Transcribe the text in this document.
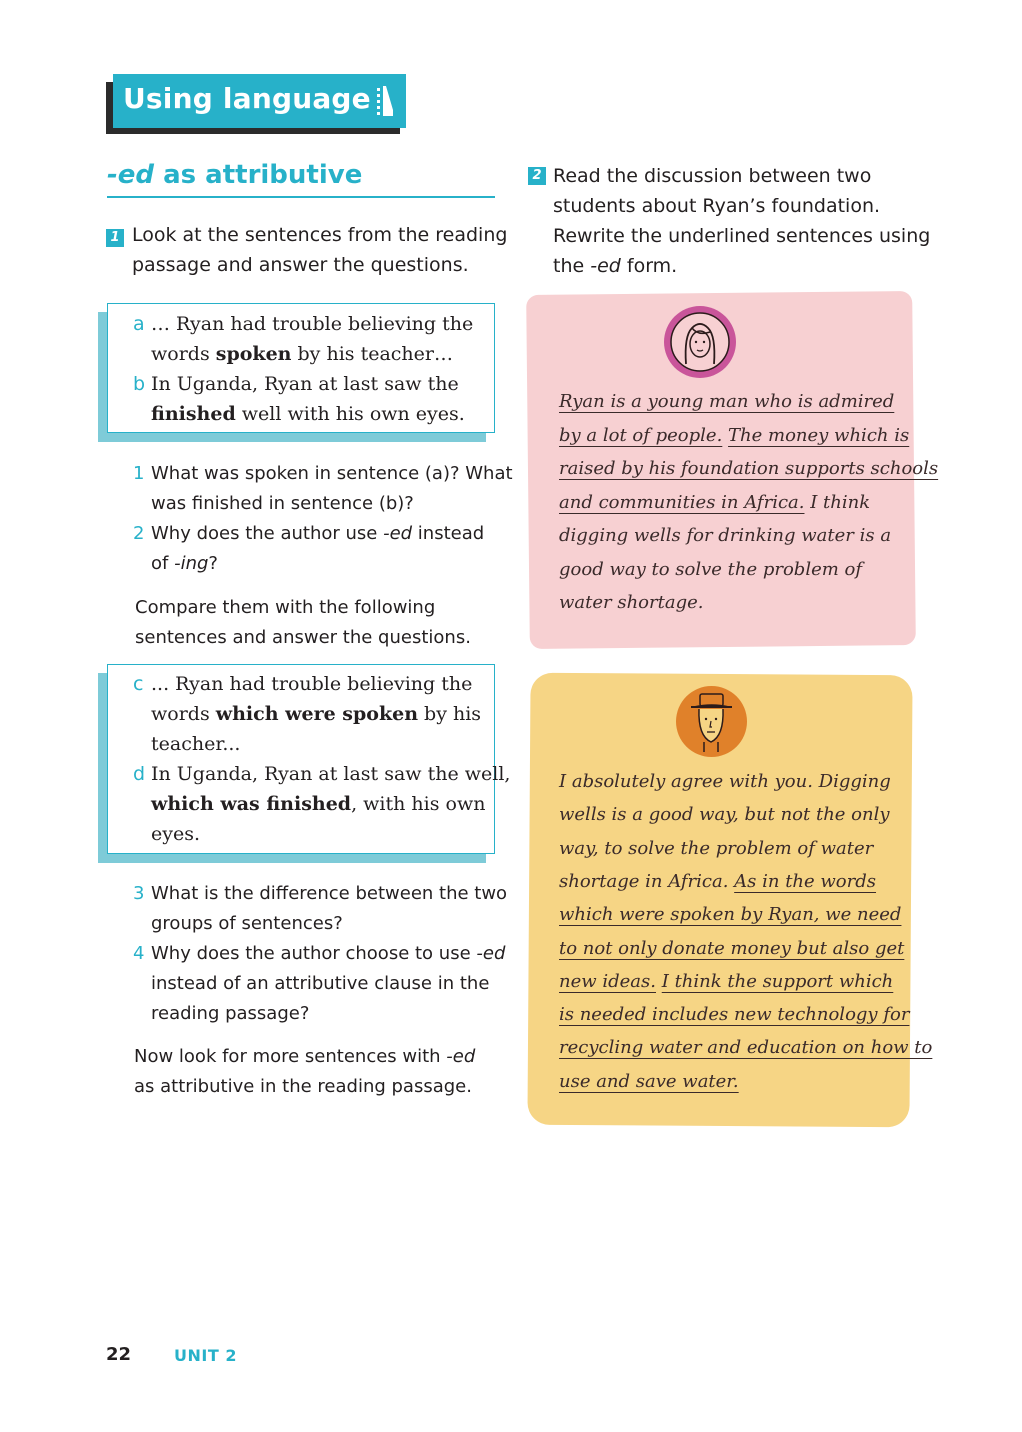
Using language
-ed as attributive
1 Look at the sentences from the reading
passage and answer the questions.
a … Ryan had trouble believing the
words spoken by his teacher…
b In Uganda, Ryan at last saw the
finished well with his own eyes.
1 What was spoken in sentence (a)? What
was finished in sentence (b)?
2 Why does the author use -ed instead
of -ing?
Compare them with the following
sentences and answer the questions.
c ... Ryan had trouble believing the
words which were spoken by his
teacher...
d In Uganda, Ryan at last saw the well,
which was finished, with his own
eyes.
3 What is the difference between the two
groups of sentences?
4 Why does the author choose to use -ed
instead of an attributive clause in the
reading passage?
Now look for more sentences with -ed
as attributive in the reading passage.
2 Read the discussion between two
students about Ryan’s foundation.
Rewrite the underlined sentences using
the -ed form.
Ryan is a young man who is admired
by a lot of people. The money which is
raised by his foundation supports schools
and communities in Africa. I think
digging wells for drinking water is a
good way to solve the problem of
water shortage.
I absolutely agree with you. Digging
wells is a good way, but not the only
way, to solve the problem of water
shortage in Africa. As in the words
which were spoken by Ryan, we need
to not only donate money but also get
new ideas. I think the support which
is needed includes new technology for
recycling water and education on how to
use and save water.
22	UNIT 2
